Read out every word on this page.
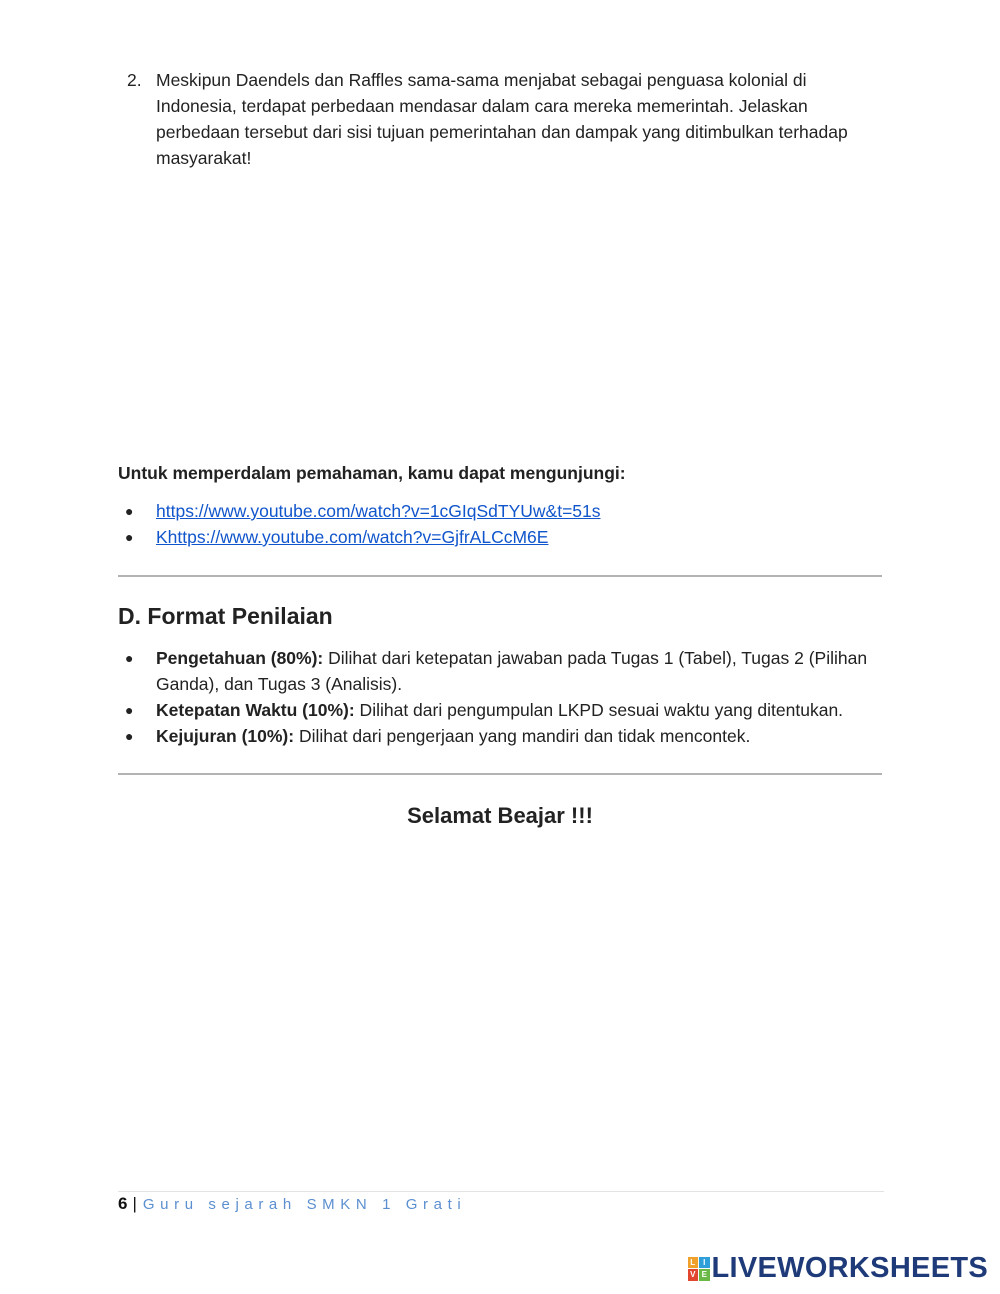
2. Meskipun Daendels dan Raffles sama-sama menjabat sebagai penguasa kolonial di Indonesia, terdapat perbedaan mendasar dalam cara mereka memerintah. Jelaskan perbedaan tersebut dari sisi tujuan pemerintahan dan dampak yang ditimbulkan terhadap masyarakat!
Untuk memperdalam pemahaman, kamu dapat mengunjungi:
● https://www.youtube.com/watch?v=1cGIqSdTYUw&t=51s
● Khttps://www.youtube.com/watch?v=GjfrALCcM6E
D. Format Penilaian
● Pengetahuan (80%): Dilihat dari ketepatan jawaban pada Tugas 1 (Tabel), Tugas 2 (Pilihan Ganda), dan Tugas 3 (Analisis).
● Ketepatan Waktu (10%): Dilihat dari pengumpulan LKPD sesuai waktu yang ditentukan.
● Kejujuran (10%): Dilihat dari pengerjaan yang mandiri dan tidak mencontek.
Selamat Beajar !!!
6 | Guru sejarah SMKN 1 Grati
L I
V E LIVEWORKSHEETS
